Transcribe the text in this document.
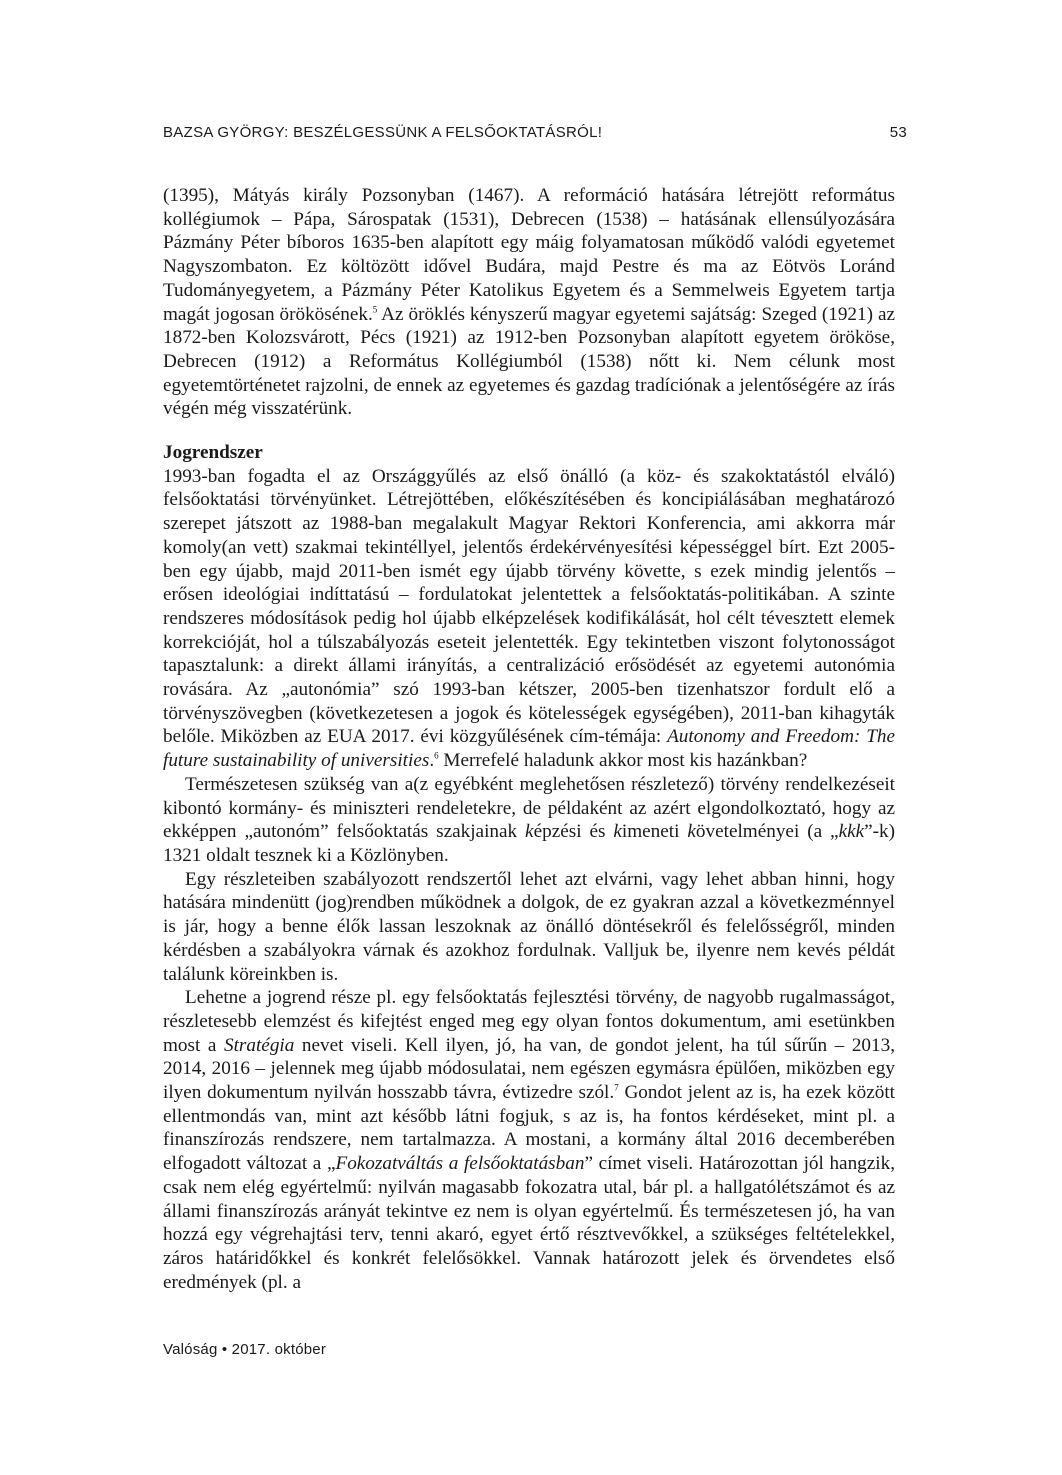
BAZSA GYÖRGY: BESZÉLGESSÜNK A FELSŐOKTATÁSRÓL!	53

(1395), Mátyás király Pozsonyban (1467). A reformáció hatására létrejött református kollégiumok – Pápa, Sárospatak (1531), Debrecen (1538) – hatásának ellensúlyozására Pázmány Péter bíboros 1635-ben alapított egy máig folyamatosan működő valódi egyetemet Nagyszombaton. Ez költözött idővel Budára, majd Pestre és ma az Eötvös Loránd Tudományegyetem, a Pázmány Péter Katolikus Egyetem és a Semmelweis Egyetem tartja magát jogosan örökösének.$^5$ Az öröklés kényszerű magyar egyetemi sajátság: Szeged (1921) az 1872-ben Kolozsvárott, Pécs (1921) az 1912-ben Pozsonyban alapított egyetem örököse, Debrecen (1912) a Református Kollégiumból (1538) nőtt ki. Nem célunk most egyetemtörténetet rajzolni, de ennek az egyetemes és gazdag tradíciónak a jelentőségére az írás végén még visszatérünk.

Jogrendszer

1993-ban fogadta el az Országgyűlés az első önálló (a köz- és szakoktatástól elváló) felsőoktatási törvényünket. Létrejöttében, előkészítésében és koncipiálásában meghatározó szerepet játszott az 1988-ban megalakult Magyar Rektori Konferencia, ami akkorra már komoly(an vett) szakmai tekintéllyel, jelentős érdekérvényesítési képességgel bírt. Ezt 2005-ben egy újabb, majd 2011-ben ismét egy újabb törvény követte, s ezek mindig jelentős – erősen ideológiai indíttatású – fordulatokat jelentettek a felsőoktatás-politikában. A szinte rendszeres módosítások pedig hol újabb elképzelések kodifikálását, hol célt tévesztett elemek korrekcióját, hol a túlszabályozás eseteit jelentették. Egy tekintetben viszont folytonosságot tapasztalunk: a direkt állami irányítás, a centralizáció erősödését az egyetemi autonómia rovására. Az „autonómia” szó 1993-ban kétszer, 2005-ben tizenhatszor fordult elő a törvényszövegben (következetesen a jogok és kötelességek egységében), 2011-ban kihagyták belőle. Miközben az EUA 2017. évi közgyűlésének cím-témája: Autonomy and Freedom: The future sustainability of universities.$^6$ Merrefelé haladunk akkor most kis hazánkban?

Természetesen szükség van a(z egyébként meglehetősen részletező) törvény rendelkezéseit kibontó kormány- és miniszteri rendeletekre, de példaként az azért elgondolkoztató, hogy az ekképpen „autonóm” felsőoktatás szakjainak képzési és kimeneti követelményei (a „kkk”-k) 1321 oldalt tesznek ki a Közlönyben.

Egy részleteiben szabályozott rendszertől lehet azt elvárni, vagy lehet abban hinni, hogy hatására mindenütt (jog)rendben működnek a dolgok, de ez gyakran azzal a következménnyel is jár, hogy a benne élők lassan leszoknak az önálló döntésekről és felelősségről, minden kérdésben a szabályokra várnak és azokhoz fordulnak. Valljuk be, ilyenre nem kevés példát találunk köreinkben is.

Lehetne a jogrend része pl. egy felsőoktatás fejlesztési törvény, de nagyobb rugalmasságot, részletesebb elemzést és kifejtést enged meg egy olyan fontos dokumentum, ami esetünkben most a Stratégia nevet viseli. Kell ilyen, jó, ha van, de gondot jelent, ha túl sűrűn – 2013, 2014, 2016 – jelennek meg újabb módosulatai, nem egészen egymásra épülően, miközben egy ilyen dokumentum nyilván hosszabb távra, évtizedre szól.$^7$ Gondot jelent az is, ha ezek között ellentmondás van, mint azt később látni fogjuk, s az is, ha fontos kérdéseket, mint pl. a finanszírozás rendszere, nem tartalmazza. A mostani, a kormány által 2016 decemberében elfogadott változat a „Fokozatváltás a felsőoktatásban” címet viseli. Határozottan jól hangzik, csak nem elég egyértelmű: nyilván magasabb fokozatra utal, bár pl. a hallgatólétszámot és az állami finanszírozás arányát tekintve ez nem is olyan egyértelmű. És természetesen jó, ha van hozzá egy végrehajtási terv, tenni akaró, egyet értő résztvevőkkel, a szükséges feltételekkel, záros határidőkkel és konkrét felelősökkel. Vannak határozott jelek és örvendetes első eredmények (pl. a

Valóság • 2017. október
